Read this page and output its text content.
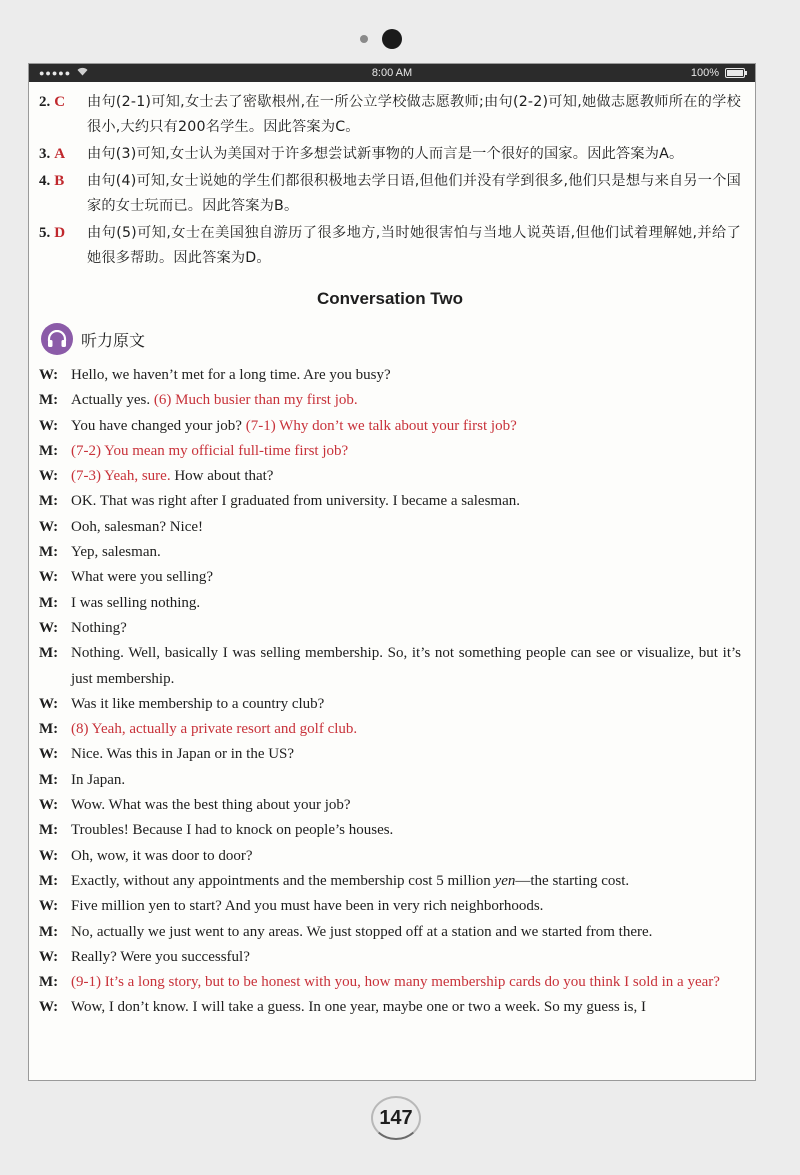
●●●●●	8:00 AM	100%
2. C	由句(2-1)可知,女士去了密歇根州,在一所公立学校做志愿教师;由句(2-2)可知,她做志愿教师所在的学校很小,大约只有200名学生。因此答案为C。
3. A	由句(3)可知,女士认为美国对于许多想尝试新事物的人而言是一个很好的国家。因此答案为A。
4. B	由句(4)可知,女士说她的学生们都很积极地去学日语,但他们并没有学到很多,他们只是想与来自另一个国家的女士玩而已。因此答案为B。
5. D	由句(5)可知,女士在美国独自游历了很多地方,当时她很害怕与当地人说英语,但他们试着理解她,并给了她很多帮助。因此答案为D。
Conversation Two
听力原文
W: Hello, we haven’t met for a long time. Are you busy?
M: Actually yes. (6) Much busier than my first job.
W: You have changed your job? (7-1) Why don’t we talk about your first job?
M: (7-2) You mean my official full-time first job?
W: (7-3) Yeah, sure. How about that?
M: OK. That was right after I graduated from university. I became a salesman.
W: Ooh, salesman? Nice!
M: Yep, salesman.
W: What were you selling?
M: I was selling nothing.
W: Nothing?
M: Nothing. Well, basically I was selling membership. So, it’s not something people can see or visualize, but it’s just membership.
W: Was it like membership to a country club?
M: (8) Yeah, actually a private resort and golf club.
W: Nice. Was this in Japan or in the US?
M: In Japan.
W: Wow. What was the best thing about your job?
M: Troubles! Because I had to knock on people’s houses.
W: Oh, wow, it was door to door?
M: Exactly, without any appointments and the membership cost 5 million yen—the starting cost.
W: Five million yen to start? And you must have been in very rich neighborhoods.
M: No, actually we just went to any areas. We just stopped off at a station and we started from there.
W: Really? Were you successful?
M: (9-1) It’s a long story, but to be honest with you, how many membership cards do you think I sold in a year?
W: Wow, I don’t know. I will take a guess. In one year, maybe one or two a week. So my guess is, I
147
